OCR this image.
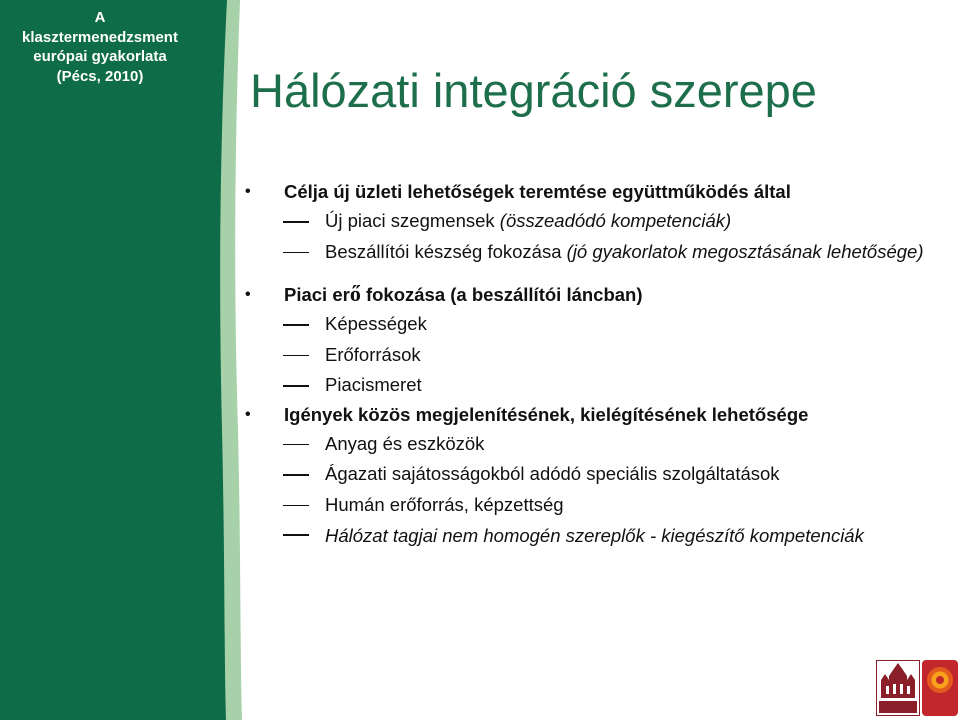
A
klasztermenedzsment
európai gyakorlata
(Pécs, 2010)	Hálózati integráció szerepe
• Célja új üzleti lehetőségek teremtése együttműködés által
Új piaci szegmensek (összeadódó kompetenciák)
Beszállítói készség fokozása (jó gyakorlatok megosztásának lehetősége)
• Piaci erő fokozása (a beszállítói láncban)
Képességek
Erőforrások
Piacismeret
• Igények közös megjelenítésének, kielégítésének lehetősége
Anyag és eszközök
Ágazati sajátosságokból adódó speciális szolgáltatások
Humán erőforrás, képzettség
Hálózat tagjai nem homogén szereplők - kiegészítő kompetenciák
